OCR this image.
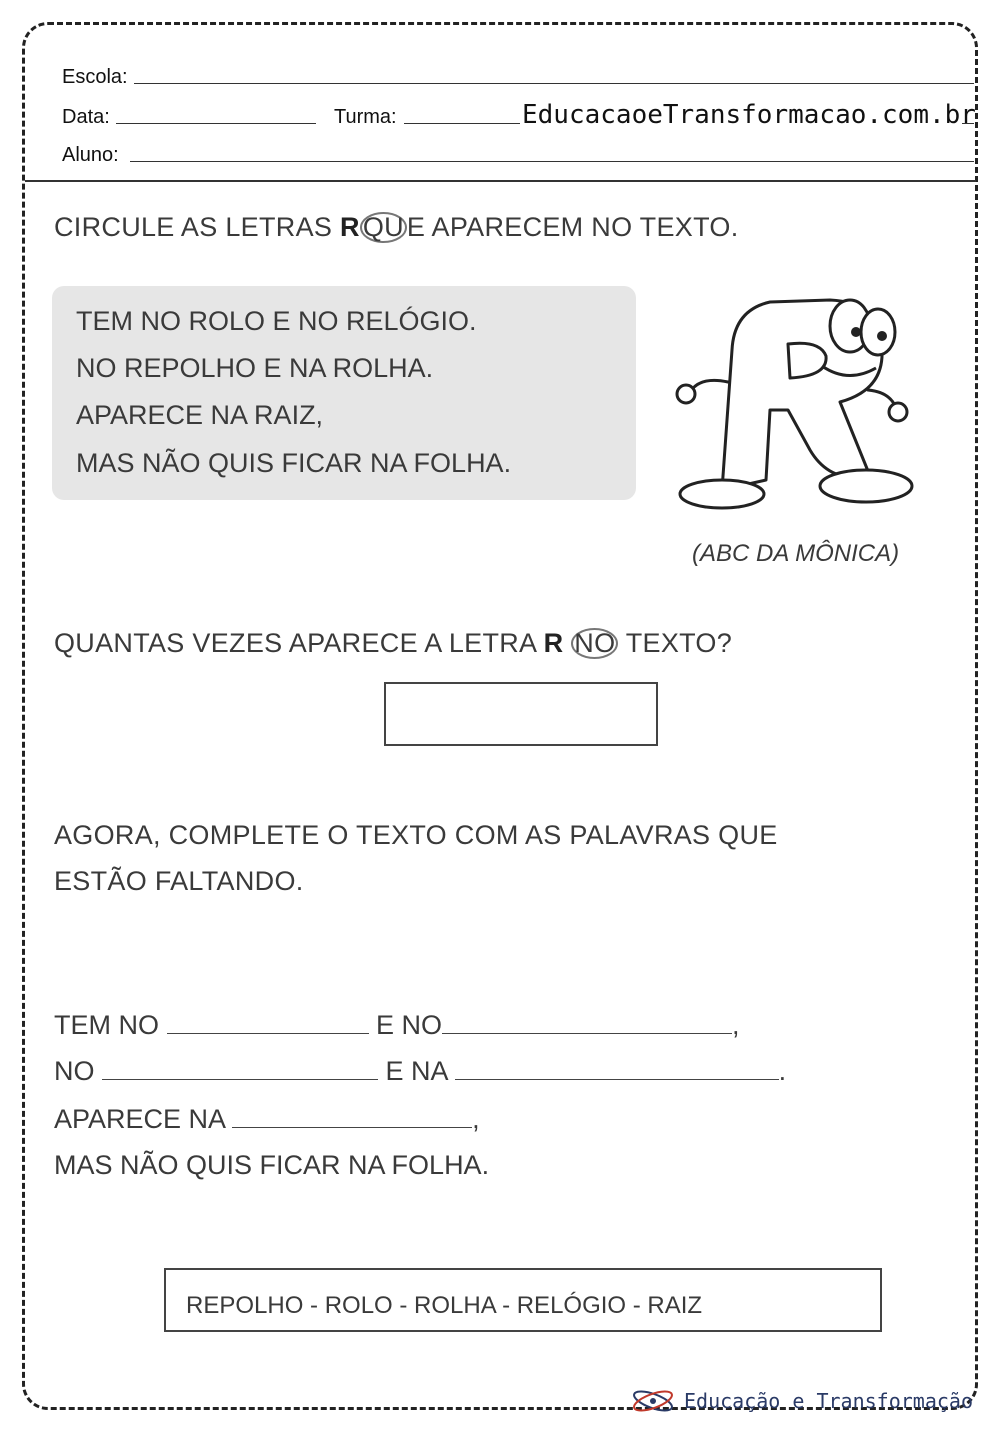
Escola:
Data:	Turma:	EducacaoeTransformacao.com.br
Aluno:
CIRCULE AS LETRAS R QU E APARECEM NO TEXTO.
TEM NO ROLO E NO RELÓGIO.
NO REPOLHO E NA ROLHA.
APARECE NA RAIZ,
MAS NÃO QUIS FICAR NA FOLHA.
(ABC DA MÔNICA)
QUANTAS VEZES APARECE A LETRA R NO TEXTO?
AGORA, COMPLETE O TEXTO COM AS PALAVRAS QUE
ESTÃO FALTANDO.
TEM NO	E NO	,
NO	E NA	.
APARECE NA	,
MAS NÃO QUIS FICAR NA FOLHA.
REPOLHO - ROLO - ROLHA - RELÓGIO - RAIZ
Educação e Transformação
